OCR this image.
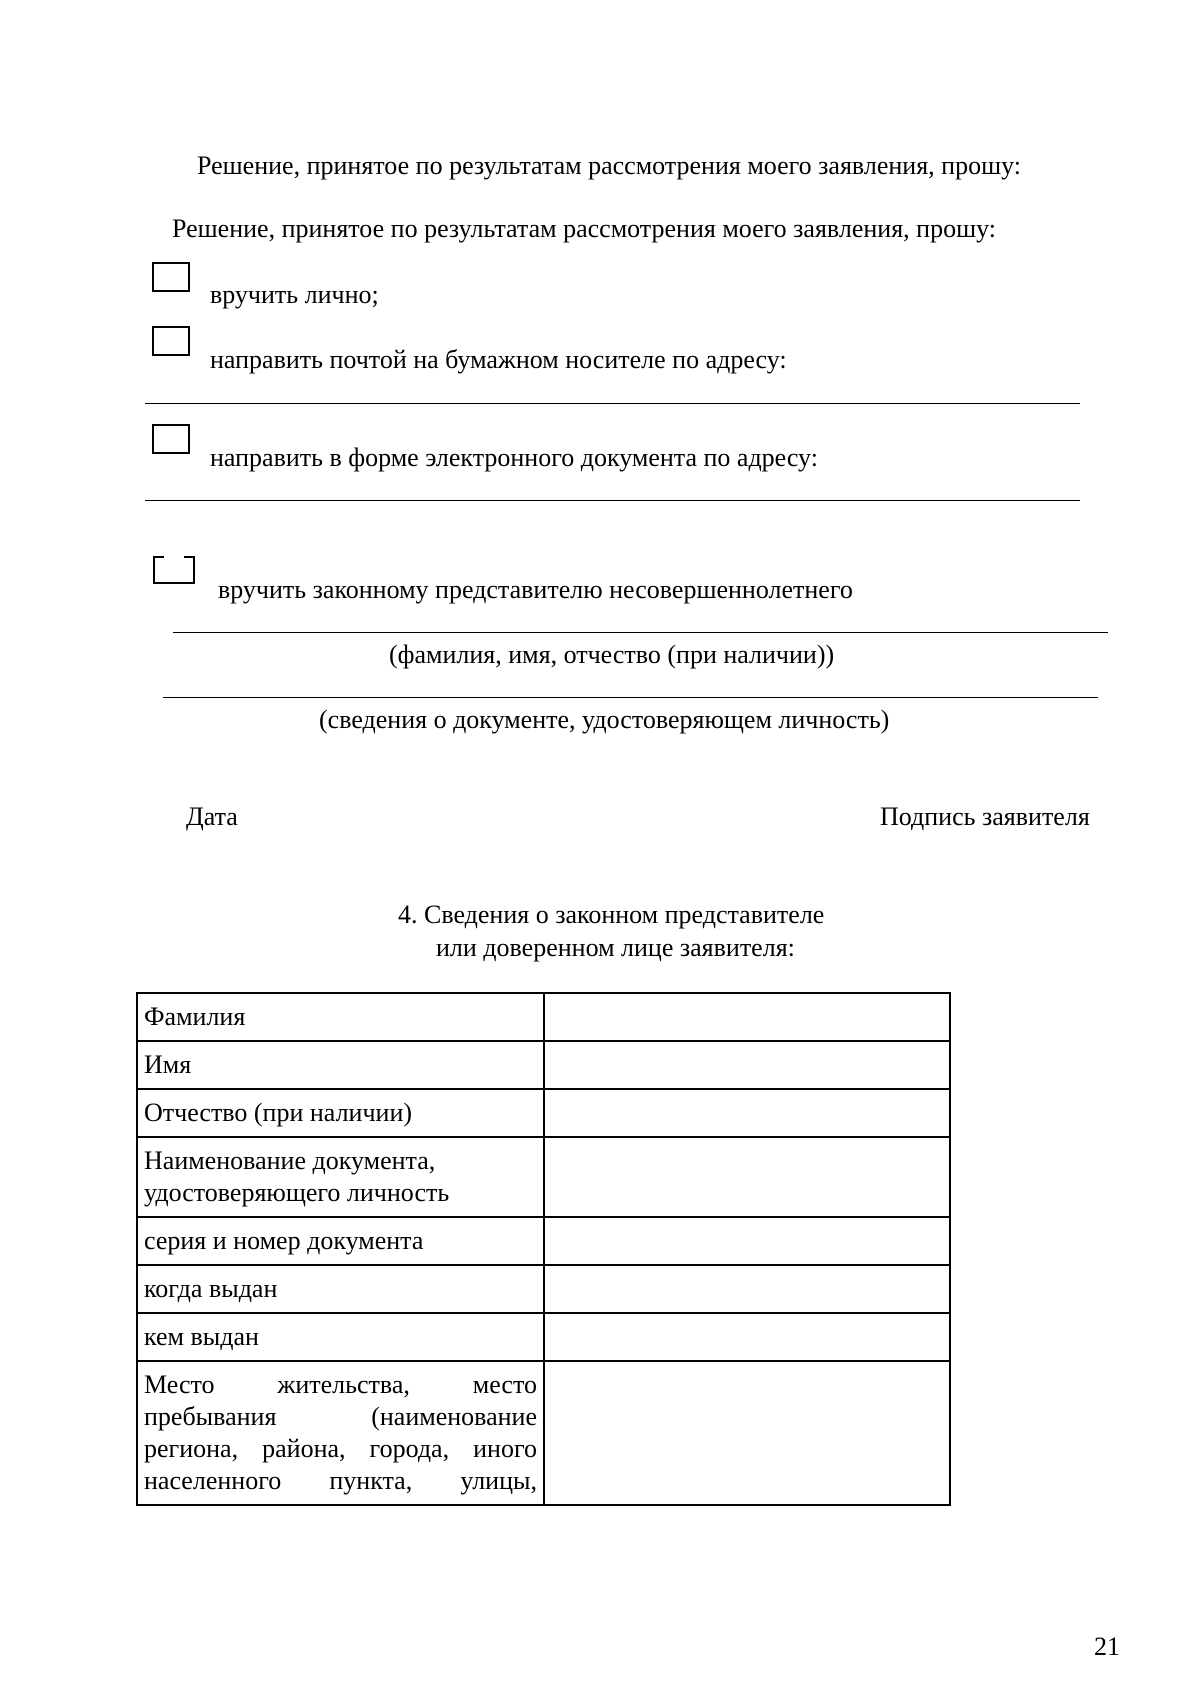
Решение, принятое по результатам рассмотрения моего заявления, прошу:
Решение, принятое по результатам рассмотрения моего заявления, прошу:
вручить лично;
направить почтой на бумажном носителе по адресу:
направить в форме электронного документа по адресу:
вручить законному представителю несовершеннолетнего
(фамилия, имя, отчество (при наличии))
(сведения о документе, удостоверяющем личность)
Дата	Подпись заявителя
4. Сведения о законном представителе
или доверенном лице заявителя:
Фамилия	
Имя	
Отчество (при наличии)	
Наименование документа, удостоверяющего личность	
серия и номер документа	
когда выдан	
кем выдан	

Место жительства, место
пребывания (наименование
региона, района, города, иного
населенного пункта, улицы,	

21
